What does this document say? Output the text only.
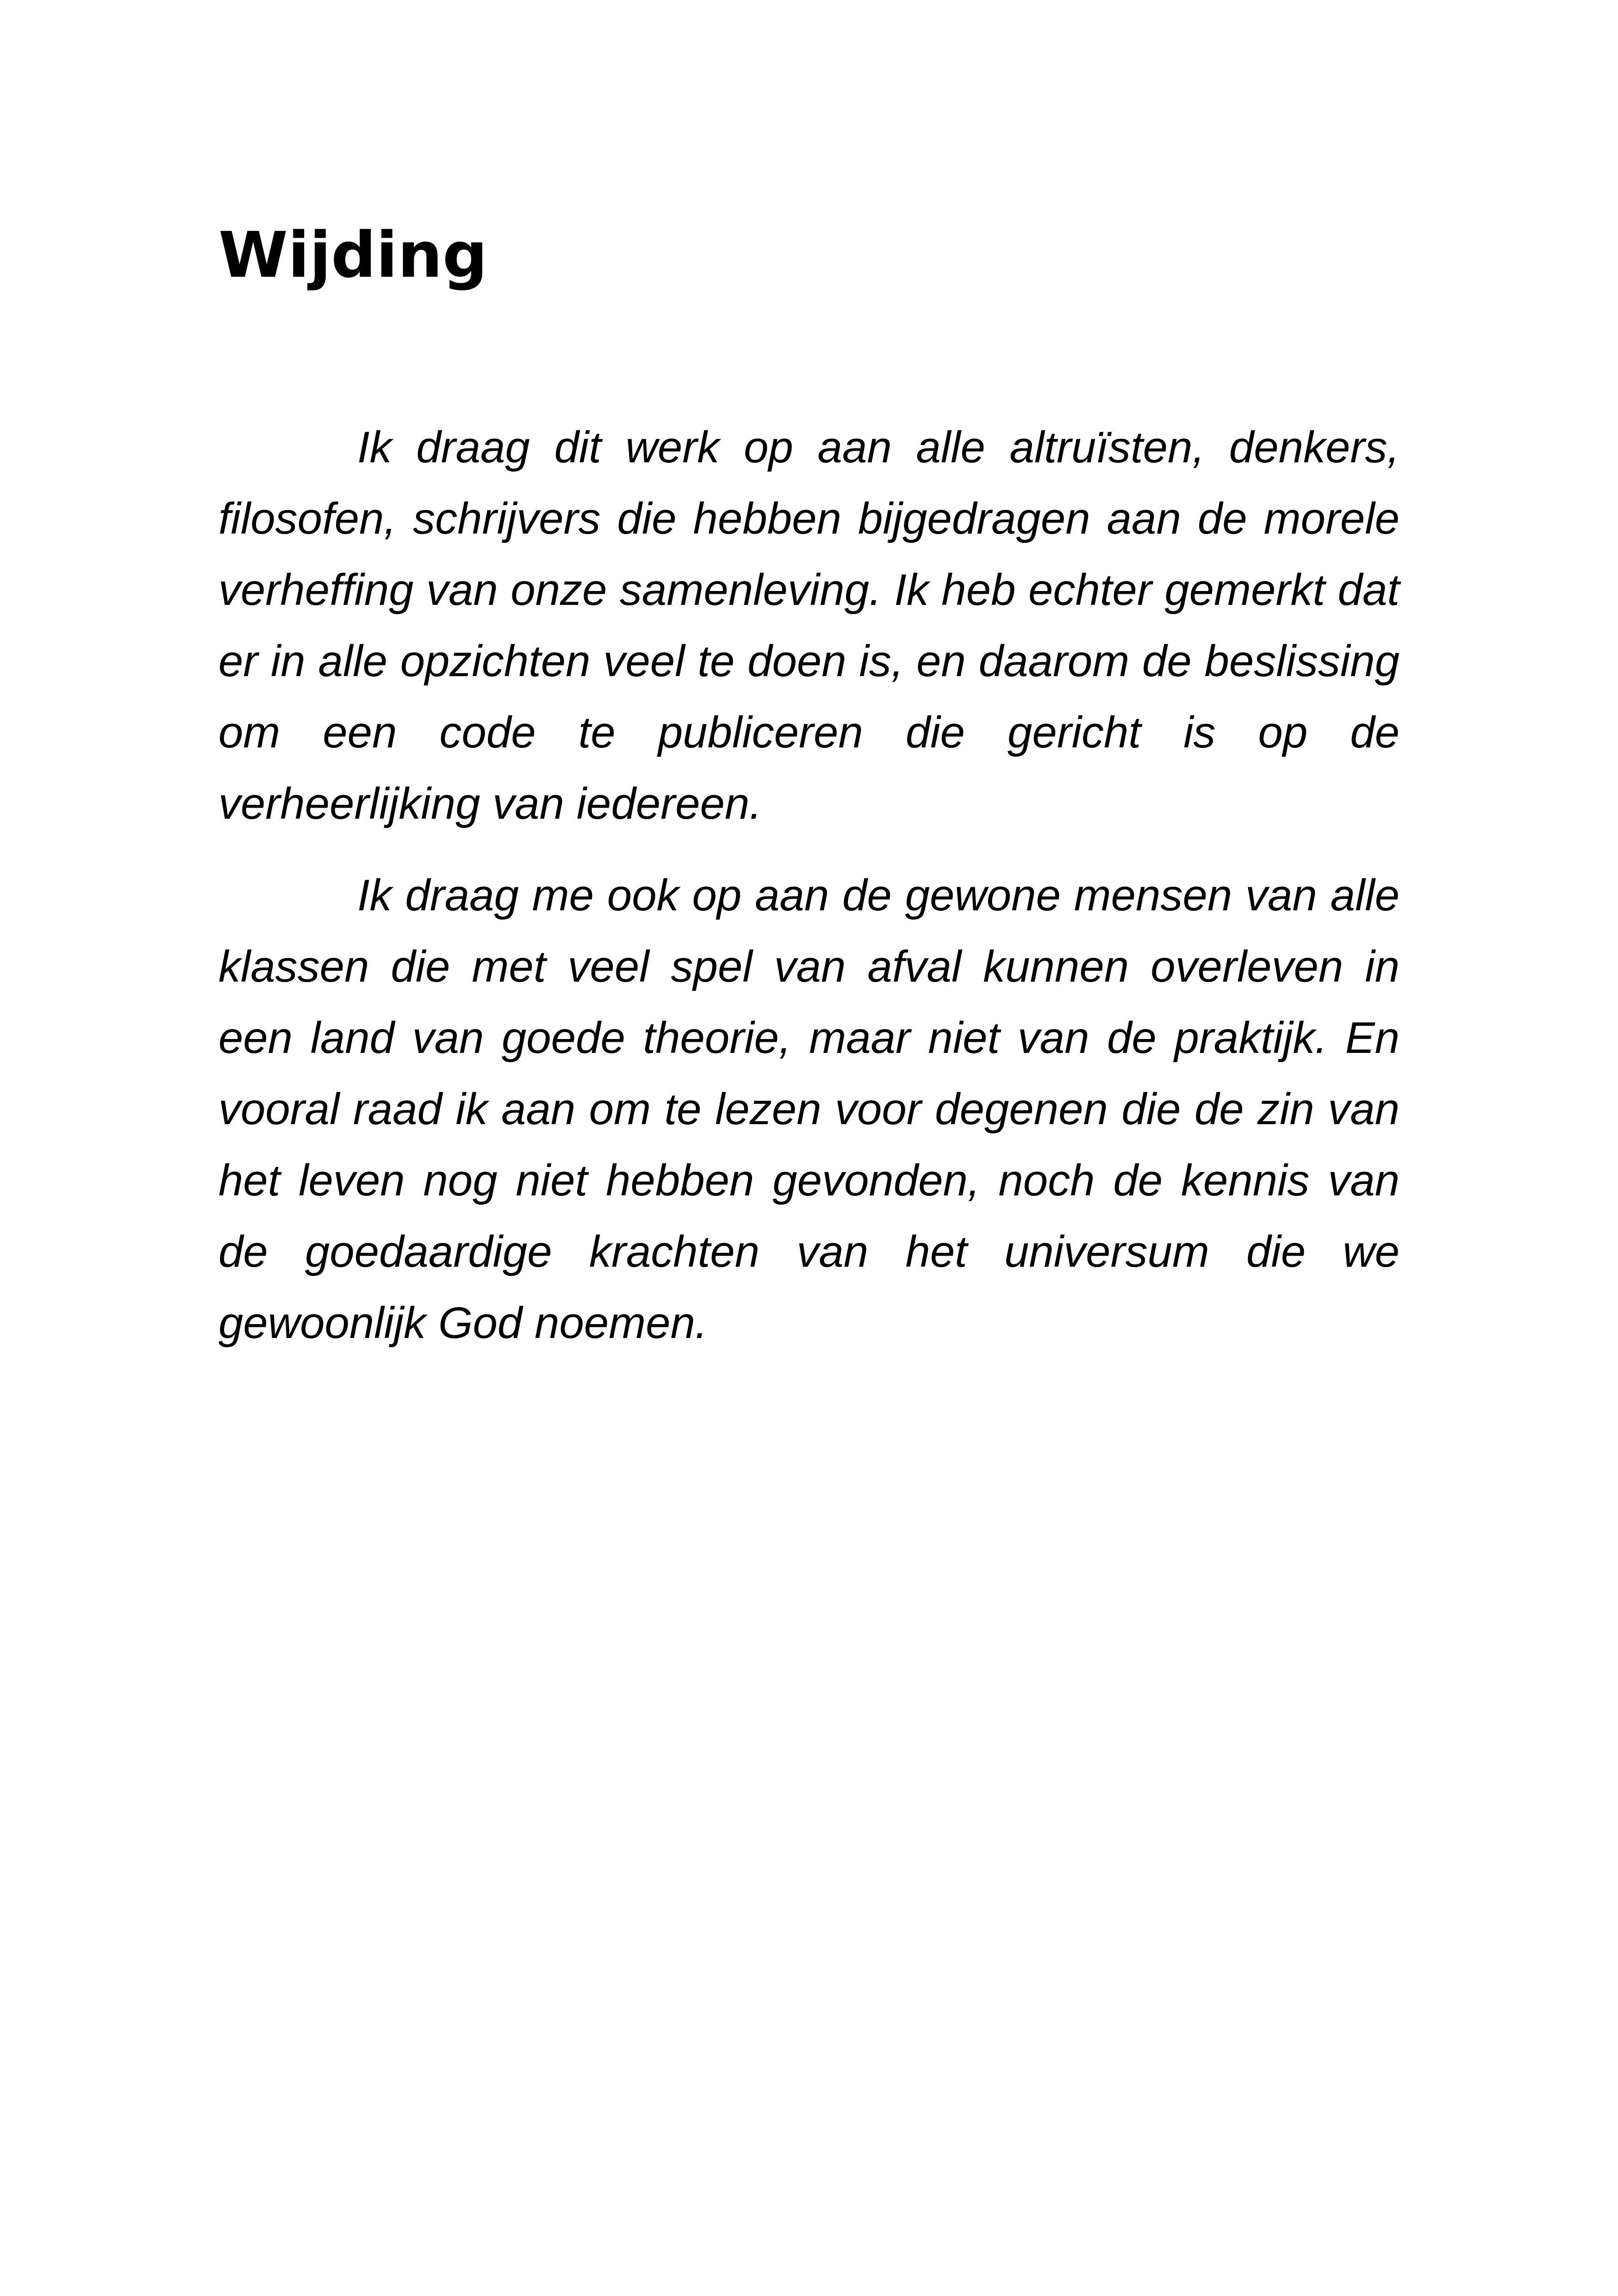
Wijding

Ik draag dit werk op aan alle altruïsten, denkers, filosofen, schrijvers die hebben bijgedragen aan de morele verheffing van onze samenleving. Ik heb echter gemerkt dat er in alle opzichten veel te doen is, en daarom de beslissing om een code te publiceren die gericht is op de verheerlijking van iedereen.

Ik draag me ook op aan de gewone mensen van alle klassen die met veel spel van afval kunnen overleven in een land van goede theorie, maar niet van de praktijk. En vooral raad ik aan om te lezen voor degenen die de zin van het leven nog niet hebben gevonden, noch de kennis van de goedaardige krachten van het universum die we gewoonlijk God noemen.
